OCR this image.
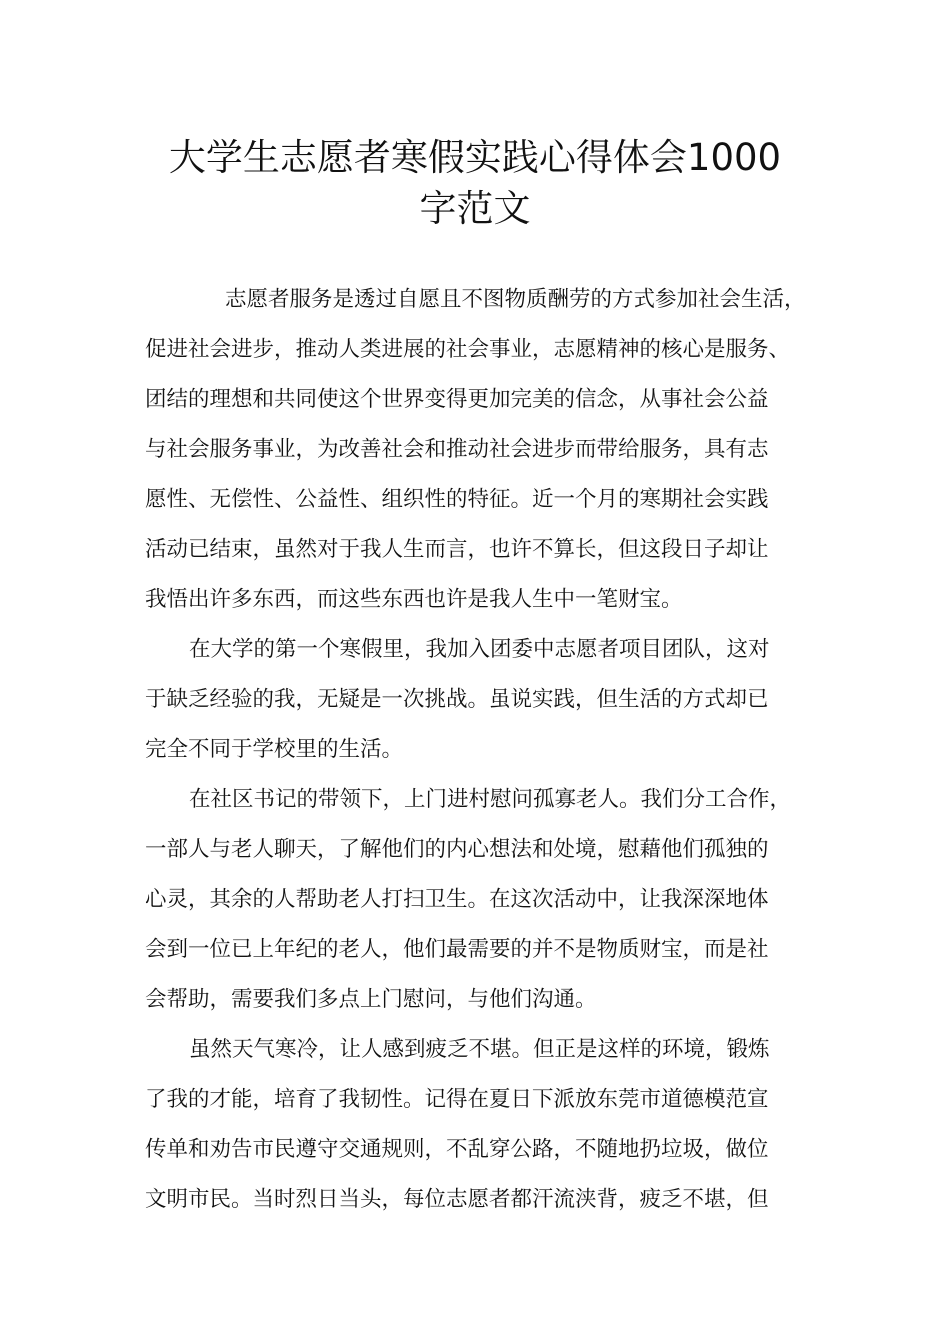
大学生志愿者寒假实践心得体会1000
字范文
志愿者服务是透过自愿且不图物质酬劳的方式参加社会生活，
促进社会进步，推动人类进展的社会事业，志愿精神的核心是服务、
团结的理想和共同使这个世界变得更加完美的信念，从事社会公益
与社会服务事业，为改善社会和推动社会进步而带给服务，具有志
愿性、无偿性、公益性、组织性的特征。近一个月的寒期社会实践
活动已结束，虽然对于我人生而言，也许不算长，但这段日子却让
我悟出许多东西，而这些东西也许是我人生中一笔财宝。
在大学的第一个寒假里，我加入团委中志愿者项目团队，这对
于缺乏经验的我，无疑是一次挑战。虽说实践，但生活的方式却已
完全不同于学校里的生活。
在社区书记的带领下，上门进村慰问孤寡老人。我们分工合作，
一部人与老人聊天，了解他们的内心想法和处境，慰藉他们孤独的
心灵，其余的人帮助老人打扫卫生。在这次活动中，让我深深地体
会到一位已上年纪的老人，他们最需要的并不是物质财宝，而是社
会帮助，需要我们多点上门慰问，与他们沟通。
虽然天气寒冷，让人感到疲乏不堪。但正是这样的环境，锻炼
了我的才能，培育了我韧性。记得在夏日下派放东莞市道德模范宣
传单和劝告市民遵守交通规则，不乱穿公路，不随地扔垃圾，做位
文明市民。当时烈日当头，每位志愿者都汗流浃背，疲乏不堪，但
